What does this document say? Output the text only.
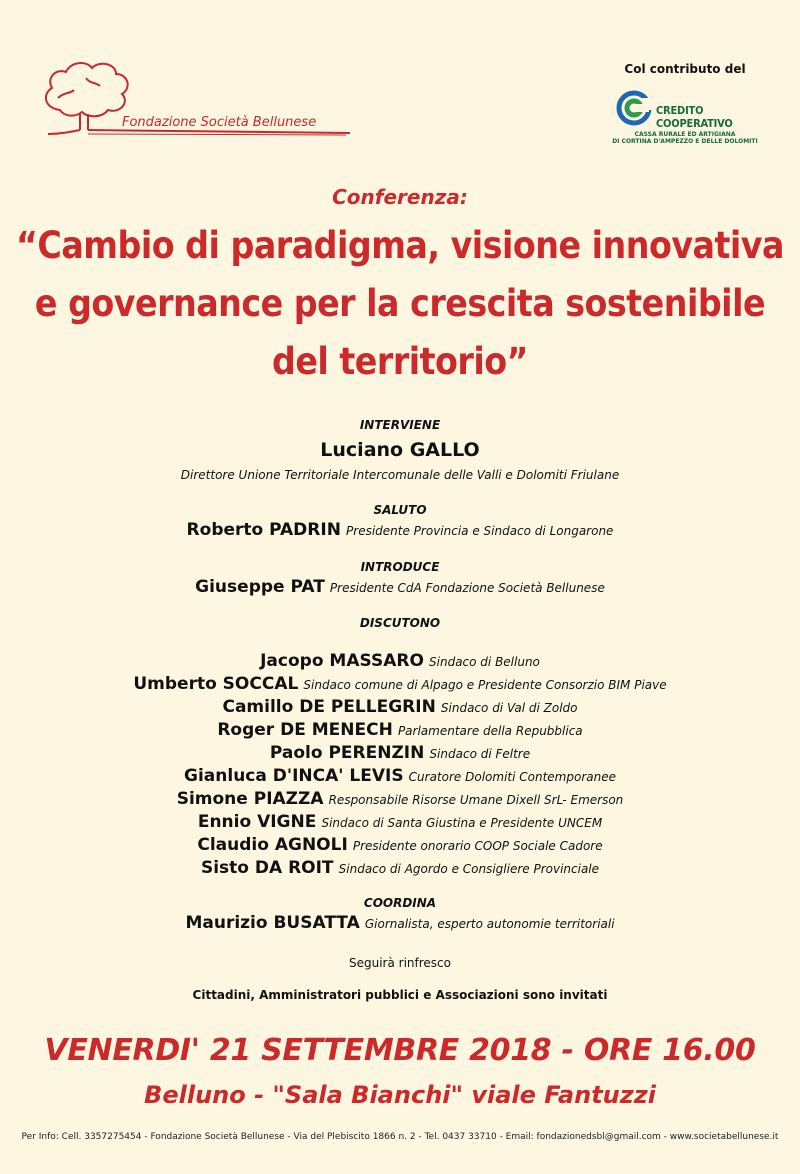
Fondazione Società Bellunese
Col contributo del
CREDITO
COOPERATIVO
CASSA RURALE ED ARTIGIANA
DI CORTINA D'AMPEZZO E DELLE DOLOMITI
Conferenza:
“Cambio di paradigma, visione innovativa
e governance per la crescita sostenibile
del territorio”
INTERVIENE
Luciano GALLO
Direttore Unione Territoriale Intercomunale delle Valli e Dolomiti Friulane
SALUTO
Roberto PADRIN Presidente Provincia e Sindaco di Longarone
INTRODUCE
Giuseppe PAT Presidente CdA Fondazione Società Bellunese
DISCUTONO
Jacopo MASSARO Sindaco di Belluno
Umberto SOCCAL Sindaco comune di Alpago e Presidente Consorzio BIM Piave
Camillo DE PELLEGRIN Sindaco di Val di Zoldo
Roger DE MENECH Parlamentare della Repubblica
Paolo PERENZIN Sindaco di Feltre
Gianluca D'INCA' LEVIS Curatore Dolomiti Contemporanee
Simone PIAZZA Responsabile Risorse Umane Dixell SrL- Emerson
Ennio VIGNE Sindaco di Santa Giustina e Presidente UNCEM
Claudio AGNOLI Presidente onorario COOP Sociale Cadore
Sisto DA ROIT Sindaco di Agordo e Consigliere Provinciale
COORDINA
Maurizio BUSATTA Giornalista, esperto autonomie territoriali
Seguirà rinfresco
Cittadini, Amministratori pubblici e Associazioni sono invitati
VENERDI' 21 SETTEMBRE 2018 - ORE 16.00
Belluno - "Sala Bianchi" viale Fantuzzi
Per Info: Cell. 3357275454 - Fondazione Società Bellunese - Via del Plebiscito 1866 n. 2 - Tel. 0437 33710 - Email: fondazionedsbl@gmail.com - www.societabellunese.it
